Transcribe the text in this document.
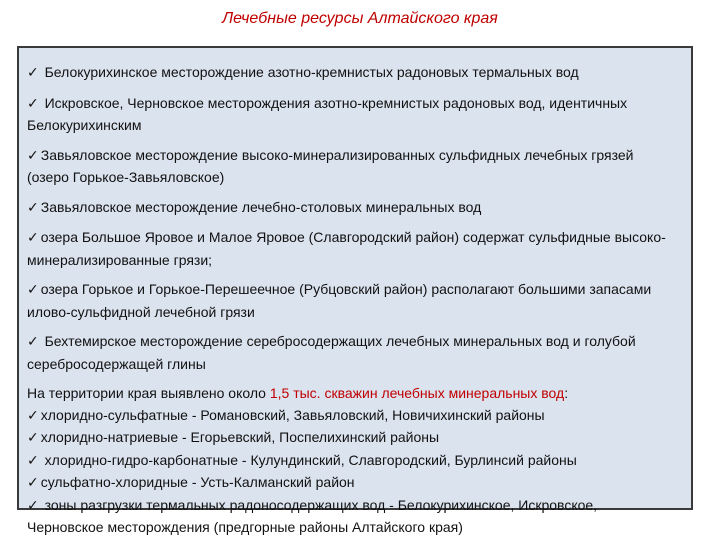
Лечебные ресурсы Алтайского края
✓ Белокурихинское месторождение азотно-кремнистых радоновых термальных вод
✓ Искровское, Черновское месторождения азотно-кремнистых радоновых вод, идентичных
Белокурихинским
✓ Завьяловское месторождение высоко-минерализированных сульфидных лечебных грязей
(озеро Горькое-Завьяловское)
✓ Завьяловское месторождение лечебно-столовых минеральных вод
✓ озера Большое Яровое и Малое Яровое (Славгородский район) содержат сульфидные высоко-
минерализированные грязи;
✓ озера Горькое и Горькое-Перешеечное (Рубцовский район) располагают большими запасами
илово-сульфидной лечебной грязи
✓ Бехтемирское месторождение серебросодержащих лечебных минеральных вод и голубой
серебросодержащей глины
На территории края выявлено около 1,5 тыс. скважин лечебных минеральных вод:
✓ хлоридно-сульфатные - Романовский, Завьяловский, Новичихинский районы
✓ хлоридно-натриевые - Егорьевский, Поспелихинский районы
✓ хлоридно-гидро-карбонатные - Кулундинский, Славгородский, Бурлинсий районы
✓ сульфатно-хлоридные - Усть-Калманский район
✓ зоны разгрузки термальных радоносодержащих вод - Белокурихинское, Искровское,
Черновское месторождения (предгорные районы Алтайского края)
